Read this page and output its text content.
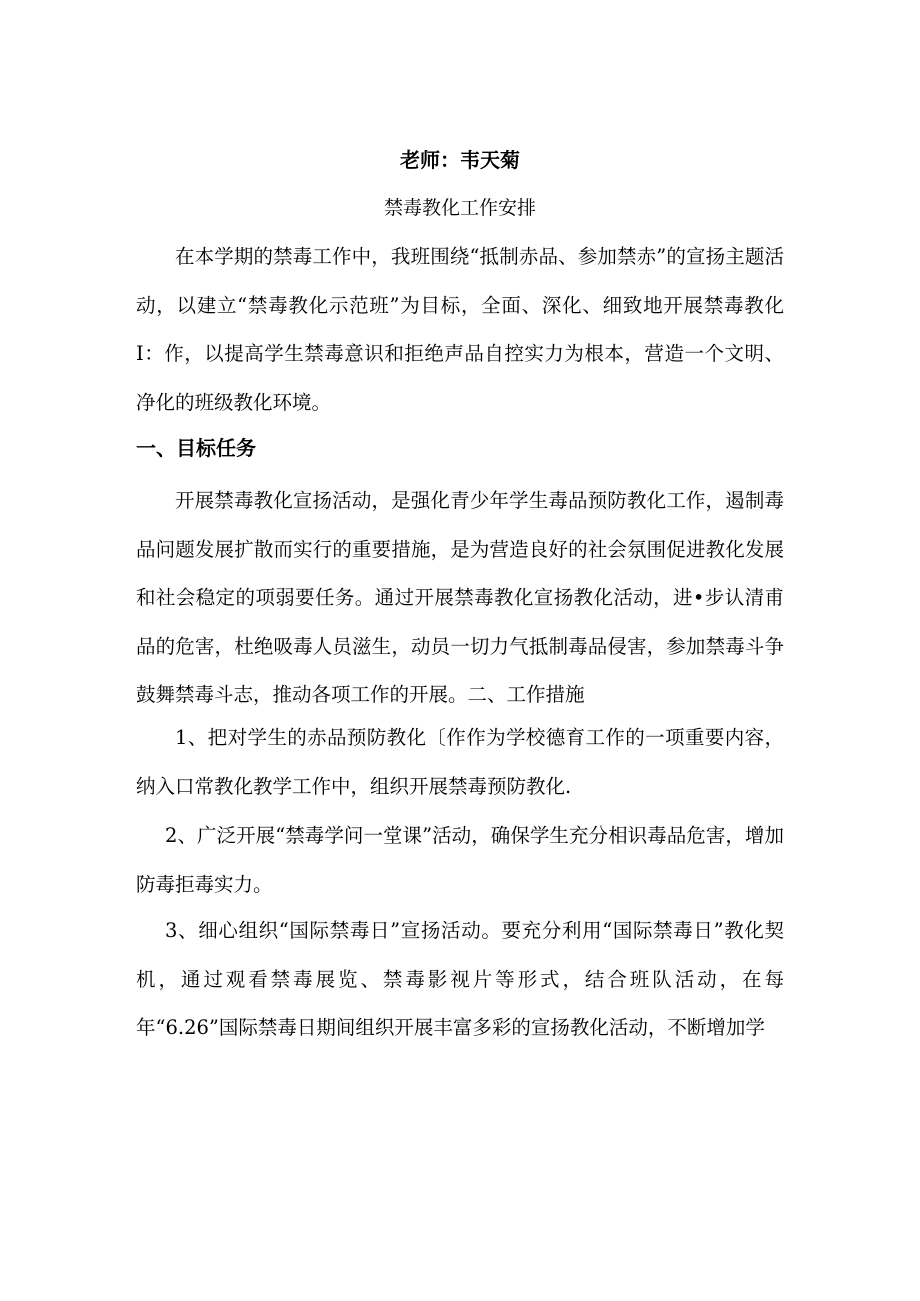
老师：韦天菊
禁毒教化工作安排
在本学期的禁毒工作中，我班围绕“抵制赤品、参加禁赤”的宣扬主题活动，以建立“禁毒教化示范班”为目标，全面、深化、细致地开展禁毒教化I：作，以提高学生禁毒意识和拒绝声品自控实力为根本，营造一个文明、净化的班级教化环境。
一、目标任务
开展禁毒教化宣扬活动，是强化青少年学生毒品预防教化工作，遏制毒品问题发展扩散而实行的重要措施，是为营造良好的社会氛围促进教化发展和社会稳定的项弱要任务。通过开展禁毒教化宣扬教化活动，进•步认清甫品的危害，杜绝吸毒人员滋生，动员一切力气抵制毒品侵害，参加禁毒斗争鼓舞禁毒斗志，推动各项工作的开展。二、工作措施
1、把对学生的赤品预防教化〔作作为学校德育工作的一项重要内容，纳入口常教化教学工作中，组织开展禁毒预防教化.
2、广泛开展“禁毒学问一堂课”活动，确保学生充分相识毒品危害，增加防毒拒毒实力。
3、细心组织“国际禁毒日”宣扬活动。要充分利用“国际禁毒日”教化契机，通过观看禁毒展览、禁毒影视片等形式，结合班队活动，在每年“6.26”国际禁毒日期间组织开展丰富多彩的宣扬教化活动，不断增加学
